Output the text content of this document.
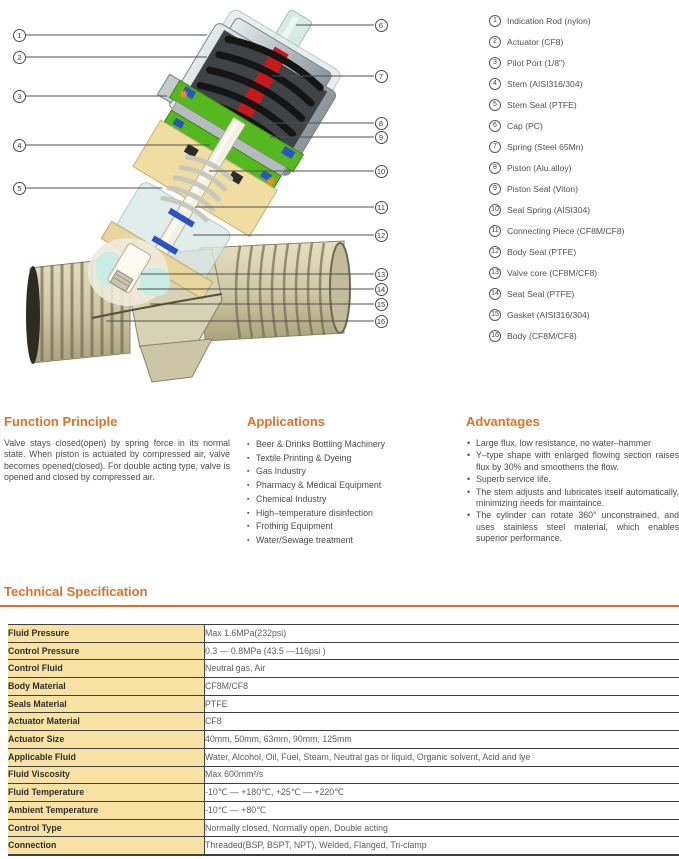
1
2
3
4
5
6
7
8
9
10
11
12
13
14
15
16
1	Indication Rod (nylon)
2	Actuator (CF8)
3	Pilot Port (1/8")
4	Stem (AISI316/304)
5	Stem Seal (PTFE)
6	Cap (PC)
7	Spring (Steel 65Mn)
8	Piston (Alu.alloy)
9	Piston Seal (Viton)
10 Seal Spring (AISI304)
11 Connecting Piece (CF8M/CF8)
12 Body Seal (PTFE)
13 Valve core (CF8M/CF8)
14 Seat Seal (PTFE)
15 Gasket (AISI316/304)
16 Body (CF8M/CF8)
Function Principle

Valve stays closed(open) by spring force in its normal state. When piston is actuated by compressed air, valve becomes opened(closed). For double acting type, valve is opened and closed by compressed air.

Applications
▪ Beer & Drinks Bottling Machinery
▪ Textile Printing & Dyeing
▪ Gas Industry
▪ Pharmacy & Medical Equipment
▪ Chemical Industry
▪ High–temperature disinfection
▪ Frothing Equipment
▪ Water/Sewage treatment
Advantages
• Large flux, low resistance, no water–hammer
• Y–type shape with enlarged flowing section raises flux by 30% and smoothens the flow.
• Superb service life.
• The stem adjusts and lubricates itself automatically, minimizing needs for maintaince.
• The cylinder can rotate 360° unconstrained, and uses stainless steel material, which enables superior performance.
Technical Specification
Fluid Pressure	Max 1.6MPa(232psi)
Control Pressure	0.3 — 0.8MPa (43.5 —116psi )
Control Fluid	Neutral gas, Air
Body Material	CF8M/CF8
Seals Material	PTFE
Actuator Material	CF8
Actuator Size	40mm, 50mm, 63mm, 90mm, 125mm
Applicable Fluid	Water, Alcohol, Oil, Fuel, Steam, Neutral gas or liquid, Organic solvent, Acid and lye
Fluid Viscosity	Max 600mm²/s
Fluid Temperature	-10℃ — +180℃, +25℃ — +220℃
Ambient Temperature	-10℃ — +80℃
Control Type	Normally closed, Normally open, Double acting
Connection	Threaded(BSP, BSPT, NPT), Welded, Flanged, Tri-clamp
